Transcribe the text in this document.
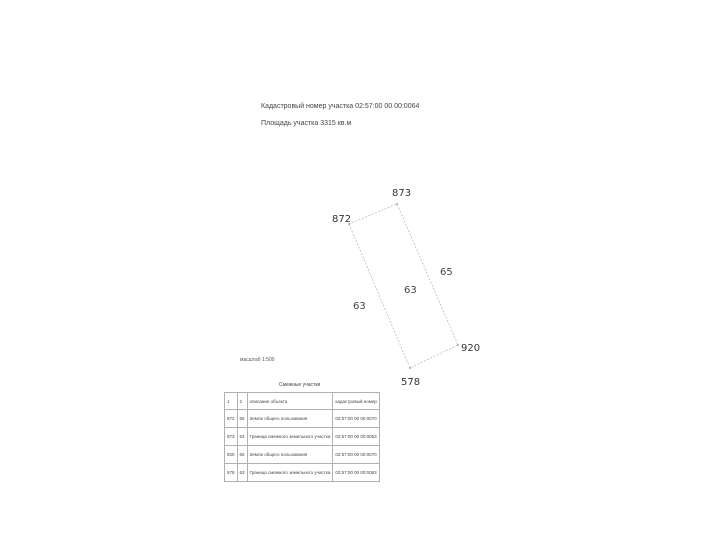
Кадастровый номер участка 02:57:00 00 00:0064
Площадь участка 3315 кв.м
872
873
920
578
65
63
63
масштаб 1:500
Смежные участки
1	2	описание объекта	кадастровый номер
872	65	Земли общего пользования	02:57:00 00 00:0070
873	63	Граница смежного земельного участка	02:57:00 00 00:0063
920	65	Земли общего пользования	02:57:00 00 00:0070
578	63	Граница смежного земельного участка	02:57:00 00 00:0063
